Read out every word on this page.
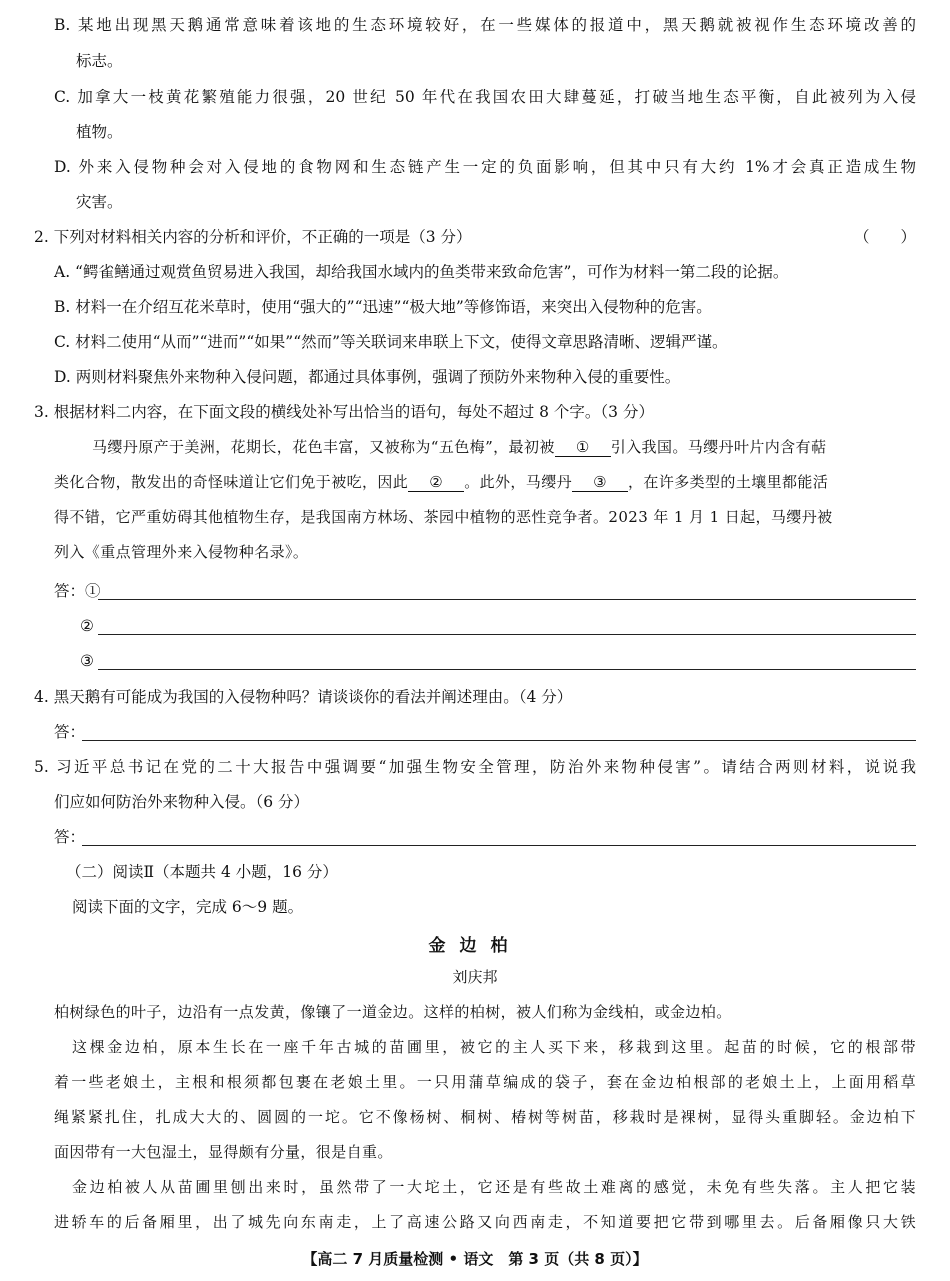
B. 某地出现黑天鹅通常意味着该地的生态环境较好，在一些媒体的报道中，黑天鹅就被视作生态环境改善的
标志。
C. 加拿大一枝黄花繁殖能力很强，20 世纪 50 年代在我国农田大肆蔓延，打破当地生态平衡，自此被列为入侵
植物。
D. 外来入侵物种会对入侵地的食物网和生态链产生一定的负面影响，但其中只有大约 1%才会真正造成生物
灾害。
2. 下列对材料相关内容的分析和评价，不正确的一项是（3 分）	（　　）
A. “鳄雀鳝通过观赏鱼贸易进入我国，却给我国水域内的鱼类带来致命危害”，可作为材料一第二段的论据。
B. 材料一在介绍互花米草时，使用“强大的”“迅速”“极大地”等修饰语，来突出入侵物种的危害。
C. 材料二使用“从而”“进而”“如果”“然而”等关联词来串联上下文，使得文章思路清晰、逻辑严谨。
D. 两则材料聚焦外来物种入侵问题，都通过具体事例，强调了预防外来物种入侵的重要性。
3. 根据材料二内容，在下面文段的横线处补写出恰当的语句，每处不超过 8 个字。（3 分）
马缨丹原产于美洲，花期长，花色丰富，又被称为“五色梅”，最初被 ① 引入我国。马缨丹叶片内含有萜
类化合物，散发出的奇怪味道让它们免于被吃，因此 ② 。此外，马缨丹 ③ ，在许多类型的土壤里都能活
得不错，它严重妨碍其他植物生存，是我国南方林场、茶园中植物的恶性竞争者。2023 年 1 月 1 日起，马缨丹被
列入《重点管理外来入侵物种名录》。
答：①
②
③
4. 黑天鹅有可能成为我国的入侵物种吗？请谈谈你的看法并阐述理由。（4 分）
答：
5. 习近平总书记在党的二十大报告中强调要“加强生物安全管理，防治外来物种侵害”。请结合两则材料，说说我
们应如何防治外来物种入侵。（6 分）
答：
（二）阅读Ⅱ（本题共 4 小题，16 分）
阅读下面的文字，完成 6～9 题。
金边柏
刘庆邦
柏树绿色的叶子，边沿有一点发黄，像镶了一道金边。这样的柏树，被人们称为金线柏，或金边柏。
这棵金边柏，原本生长在一座千年古城的苗圃里，被它的主人买下来，移栽到这里。起苗的时候，它的根部带
着一些老娘土，主根和根须都包裹在老娘土里。一只用蒲草编成的袋子，套在金边柏根部的老娘土上，上面用稻草
绳紧紧扎住，扎成大大的、圆圆的一坨。它不像杨树、桐树、椿树等树苗，移栽时是裸树，显得头重脚轻。金边柏下
面因带有一大包湿土，显得颇有分量，很是自重。
金边柏被人从苗圃里刨出来时，虽然带了一大坨土，它还是有些故土难离的感觉，未免有些失落。主人把它装
进轿车的后备厢里，出了城先向东南走，上了高速公路又向西南走，不知道要把它带到哪里去。后备厢像只大铁
【高二 7 月质量检测 • 语文　第 3 页（共 8 页）】
